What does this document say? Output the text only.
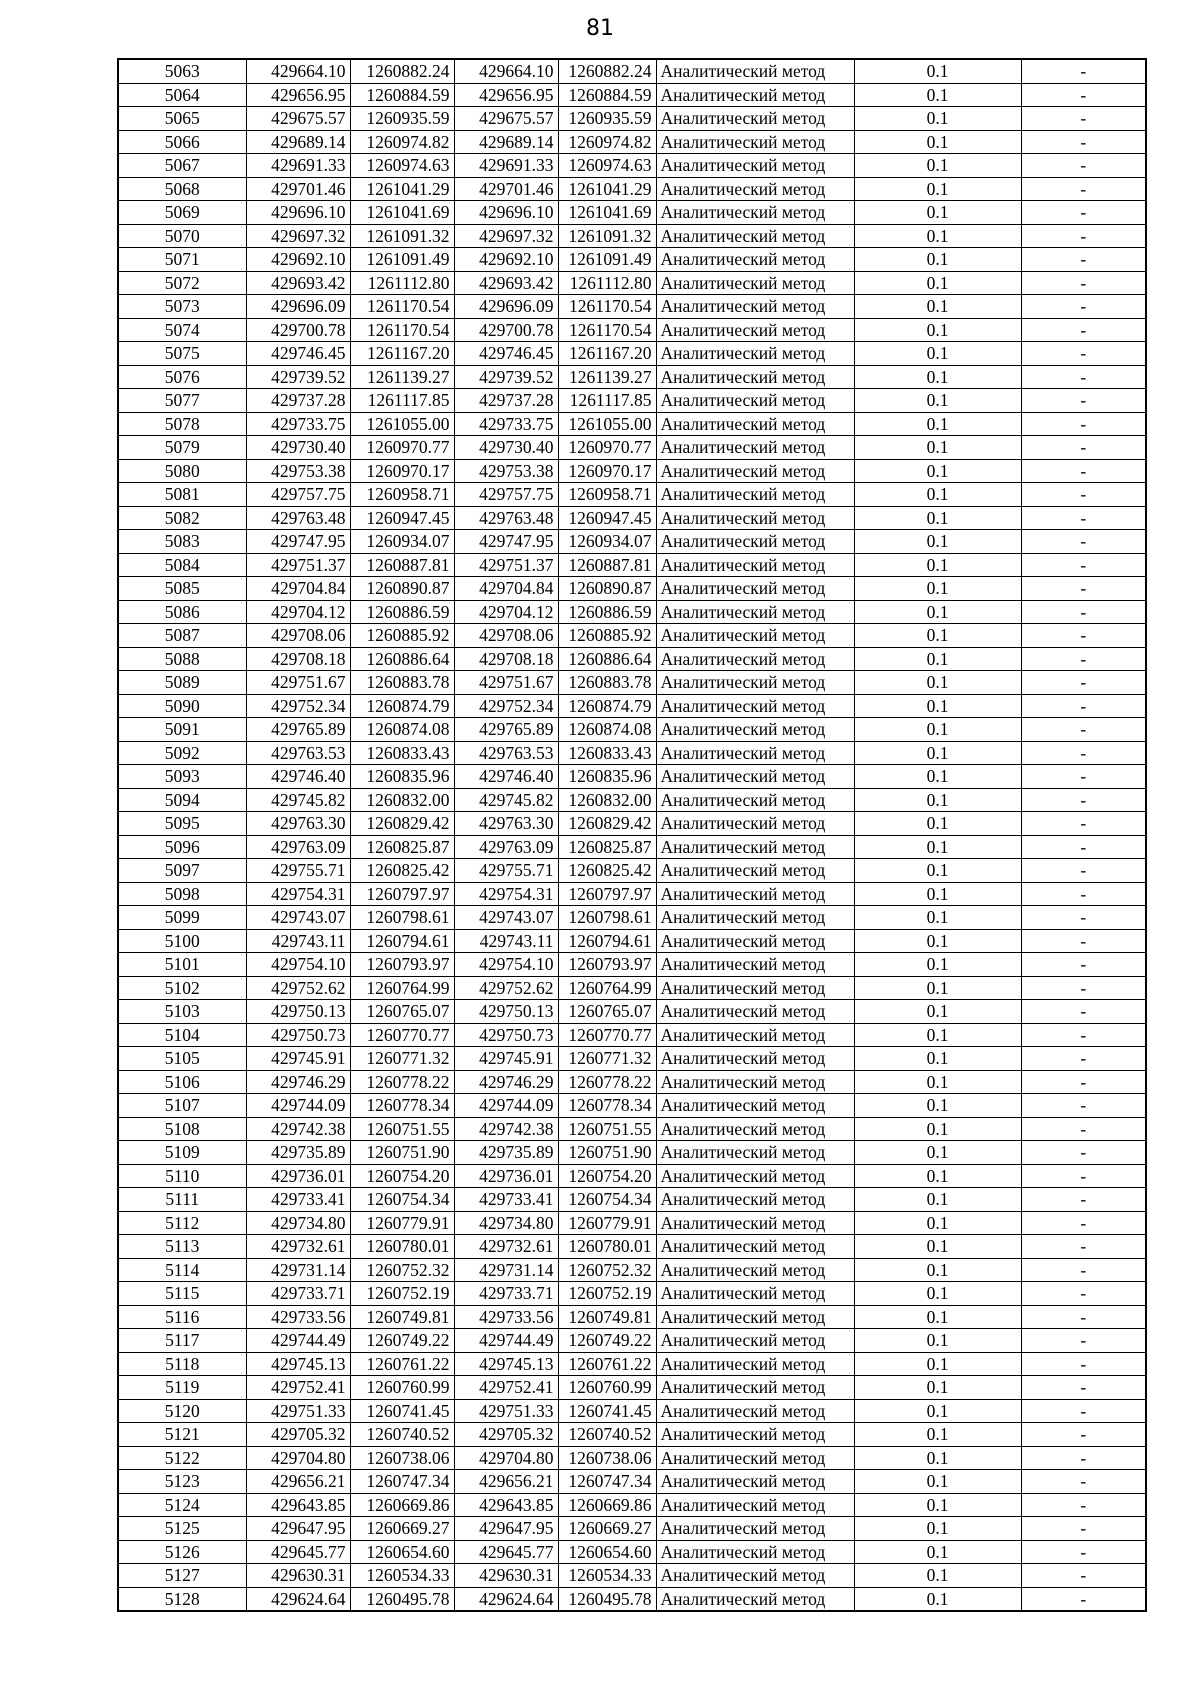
81
5063	429664.10	1260882.24	429664.10	1260882.24	Аналитический метод	0.1	-
5064	429656.95	1260884.59	429656.95	1260884.59	Аналитический метод	0.1	-
5065	429675.57	1260935.59	429675.57	1260935.59	Аналитический метод	0.1	-
5066	429689.14	1260974.82	429689.14	1260974.82	Аналитический метод	0.1	-
5067	429691.33	1260974.63	429691.33	1260974.63	Аналитический метод	0.1	-
5068	429701.46	1261041.29	429701.46	1261041.29	Аналитический метод	0.1	-
5069	429696.10	1261041.69	429696.10	1261041.69	Аналитический метод	0.1	-
5070	429697.32	1261091.32	429697.32	1261091.32	Аналитический метод	0.1	-
5071	429692.10	1261091.49	429692.10	1261091.49	Аналитический метод	0.1	-
5072	429693.42	1261112.80	429693.42	1261112.80	Аналитический метод	0.1	-
5073	429696.09	1261170.54	429696.09	1261170.54	Аналитический метод	0.1	-
5074	429700.78	1261170.54	429700.78	1261170.54	Аналитический метод	0.1	-
5075	429746.45	1261167.20	429746.45	1261167.20	Аналитический метод	0.1	-
5076	429739.52	1261139.27	429739.52	1261139.27	Аналитический метод	0.1	-
5077	429737.28	1261117.85	429737.28	1261117.85	Аналитический метод	0.1	-
5078	429733.75	1261055.00	429733.75	1261055.00	Аналитический метод	0.1	-
5079	429730.40	1260970.77	429730.40	1260970.77	Аналитический метод	0.1	-
5080	429753.38	1260970.17	429753.38	1260970.17	Аналитический метод	0.1	-
5081	429757.75	1260958.71	429757.75	1260958.71	Аналитический метод	0.1	-
5082	429763.48	1260947.45	429763.48	1260947.45	Аналитический метод	0.1	-
5083	429747.95	1260934.07	429747.95	1260934.07	Аналитический метод	0.1	-
5084	429751.37	1260887.81	429751.37	1260887.81	Аналитический метод	0.1	-
5085	429704.84	1260890.87	429704.84	1260890.87	Аналитический метод	0.1	-
5086	429704.12	1260886.59	429704.12	1260886.59	Аналитический метод	0.1	-
5087	429708.06	1260885.92	429708.06	1260885.92	Аналитический метод	0.1	-
5088	429708.18	1260886.64	429708.18	1260886.64	Аналитический метод	0.1	-
5089	429751.67	1260883.78	429751.67	1260883.78	Аналитический метод	0.1	-
5090	429752.34	1260874.79	429752.34	1260874.79	Аналитический метод	0.1	-
5091	429765.89	1260874.08	429765.89	1260874.08	Аналитический метод	0.1	-
5092	429763.53	1260833.43	429763.53	1260833.43	Аналитический метод	0.1	-
5093	429746.40	1260835.96	429746.40	1260835.96	Аналитический метод	0.1	-
5094	429745.82	1260832.00	429745.82	1260832.00	Аналитический метод	0.1	-
5095	429763.30	1260829.42	429763.30	1260829.42	Аналитический метод	0.1	-
5096	429763.09	1260825.87	429763.09	1260825.87	Аналитический метод	0.1	-
5097	429755.71	1260825.42	429755.71	1260825.42	Аналитический метод	0.1	-
5098	429754.31	1260797.97	429754.31	1260797.97	Аналитический метод	0.1	-
5099	429743.07	1260798.61	429743.07	1260798.61	Аналитический метод	0.1	-
5100	429743.11	1260794.61	429743.11	1260794.61	Аналитический метод	0.1	-
5101	429754.10	1260793.97	429754.10	1260793.97	Аналитический метод	0.1	-
5102	429752.62	1260764.99	429752.62	1260764.99	Аналитический метод	0.1	-
5103	429750.13	1260765.07	429750.13	1260765.07	Аналитический метод	0.1	-
5104	429750.73	1260770.77	429750.73	1260770.77	Аналитический метод	0.1	-
5105	429745.91	1260771.32	429745.91	1260771.32	Аналитический метод	0.1	-
5106	429746.29	1260778.22	429746.29	1260778.22	Аналитический метод	0.1	-
5107	429744.09	1260778.34	429744.09	1260778.34	Аналитический метод	0.1	-
5108	429742.38	1260751.55	429742.38	1260751.55	Аналитический метод	0.1	-
5109	429735.89	1260751.90	429735.89	1260751.90	Аналитический метод	0.1	-
5110	429736.01	1260754.20	429736.01	1260754.20	Аналитический метод	0.1	-
5111	429733.41	1260754.34	429733.41	1260754.34	Аналитический метод	0.1	-
5112	429734.80	1260779.91	429734.80	1260779.91	Аналитический метод	0.1	-
5113	429732.61	1260780.01	429732.61	1260780.01	Аналитический метод	0.1	-
5114	429731.14	1260752.32	429731.14	1260752.32	Аналитический метод	0.1	-
5115	429733.71	1260752.19	429733.71	1260752.19	Аналитический метод	0.1	-
5116	429733.56	1260749.81	429733.56	1260749.81	Аналитический метод	0.1	-
5117	429744.49	1260749.22	429744.49	1260749.22	Аналитический метод	0.1	-
5118	429745.13	1260761.22	429745.13	1260761.22	Аналитический метод	0.1	-
5119	429752.41	1260760.99	429752.41	1260760.99	Аналитический метод	0.1	-
5120	429751.33	1260741.45	429751.33	1260741.45	Аналитический метод	0.1	-
5121	429705.32	1260740.52	429705.32	1260740.52	Аналитический метод	0.1	-
5122	429704.80	1260738.06	429704.80	1260738.06	Аналитический метод	0.1	-
5123	429656.21	1260747.34	429656.21	1260747.34	Аналитический метод	0.1	-
5124	429643.85	1260669.86	429643.85	1260669.86	Аналитический метод	0.1	-
5125	429647.95	1260669.27	429647.95	1260669.27	Аналитический метод	0.1	-
5126	429645.77	1260654.60	429645.77	1260654.60	Аналитический метод	0.1	-
5127	429630.31	1260534.33	429630.31	1260534.33	Аналитический метод	0.1	-
5128	429624.64	1260495.78	429624.64	1260495.78	Аналитический метод	0.1	-
